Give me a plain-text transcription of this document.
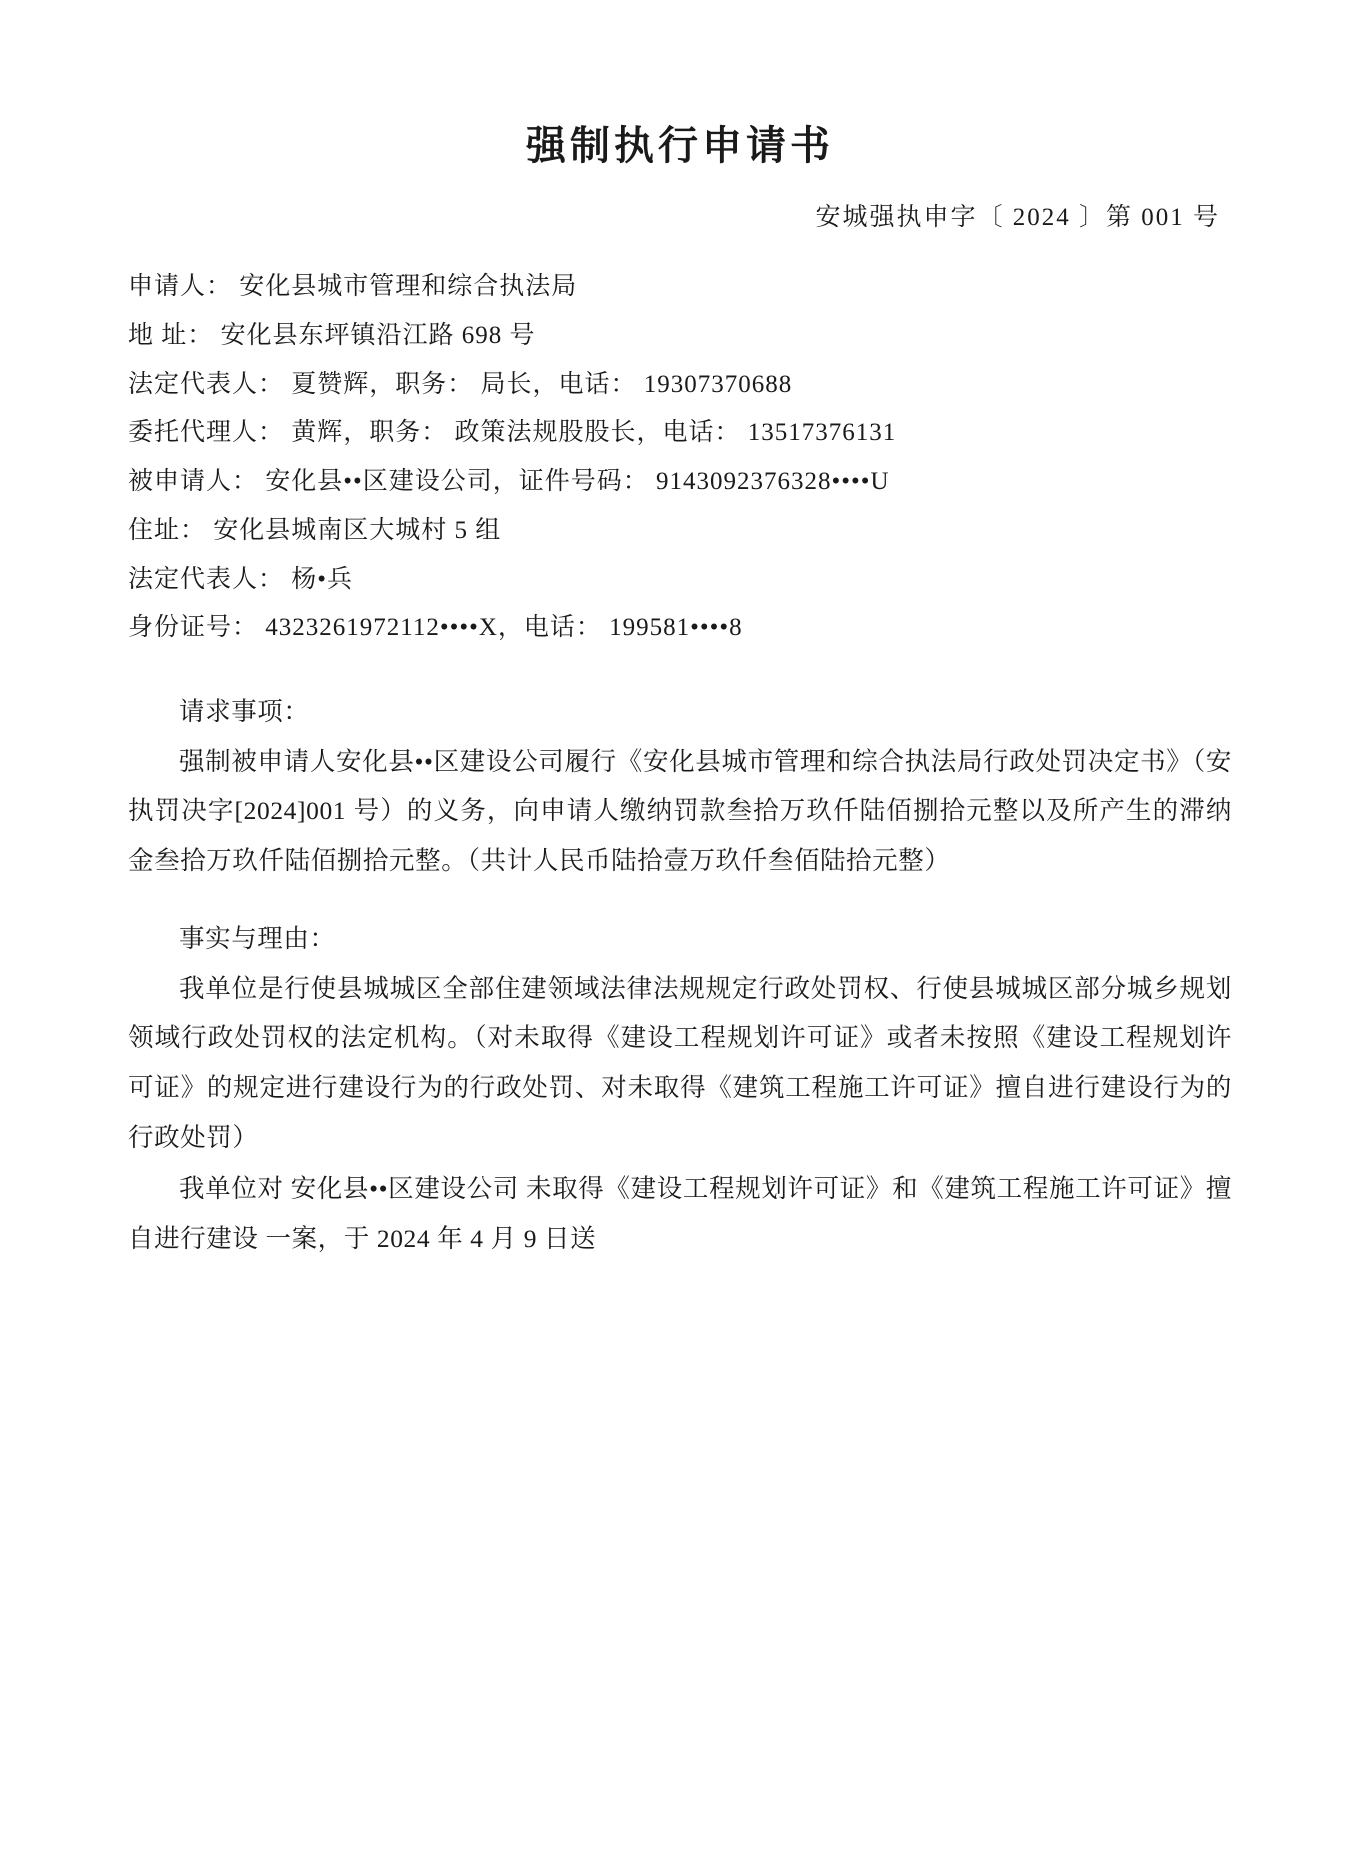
强制执行申请书
安城强执申字〔 2024 〕第 001 号
申请人： 安化县城市管理和综合执法局
地 址： 安化县东坪镇沿江路 698 号
法定代表人： 夏赞辉，职务： 局长，电话： 19307370688
委托代理人： 黄辉，职务： 政策法规股股长，电话： 13517376131
被申请人： 安化县••区建设公司，证件号码： 9143092376328••••U
住址： 安化县城南区大城村 5 组
法定代表人： 杨•兵
身份证号： 4323261972112••••X，电话： 199581••••8

请求事项：

强制被申请人安化县••区建设公司履行《安化县城市管理和综合执法局行政处罚决定书》（安执罚决字[2024]001 号）的义务，向申请人缴纳罚款叁拾万玖仟陆佰捌拾元整以及所产生的滞纳金叁拾万玖仟陆佰捌拾元整。（共计人民币陆拾壹万玖仟叁佰陆拾元整）

事实与理由：

我单位是行使县城城区全部住建领域法律法规规定行政处罚权、行使县城城区部分城乡规划领域行政处罚权的法定机构。（对未取得《建设工程规划许可证》或者未按照《建设工程规划许可证》的规定进行建设行为的行政处罚、对未取得《建筑工程施工许可证》擅自进行建设行为的行政处罚）

我单位对 安化县••区建设公司 未取得《建设工程规划许可证》和《建筑工程施工许可证》擅自进行建设 一案，于 2024 年 4 月 9 日送
